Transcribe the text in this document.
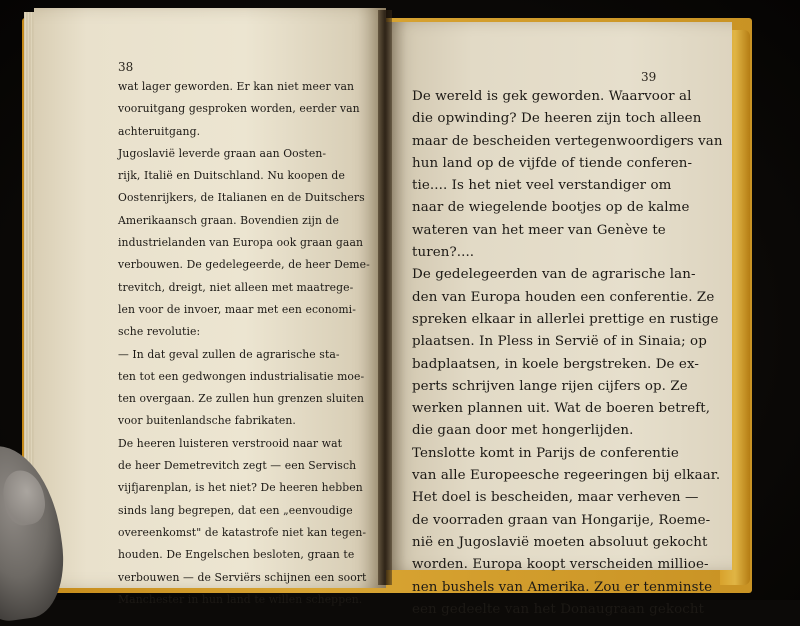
38
39
wat lager geworden. Er kan niet meer van
vooruitgang gesproken worden, eerder van
achteruitgang.
Jugoslavië leverde graan aan Oosten-
rijk, Italië en Duitschland. Nu koopen de
Oostenrijkers, de Italianen en de Duitschers
Amerikaansch graan. Bovendien zijn de
industrielanden van Europa ook graan gaan
verbouwen. De gedelegeerde, de heer Deme-
trevitch, dreigt, niet alleen met maatrege-
len voor de invoer, maar met een economi-
sche revolutie:
— In dat geval zullen de agrarische sta-
ten tot een gedwongen industrialisatie moe-
ten overgaan. Ze zullen hun grenzen sluiten
voor buitenlandsche fabrikaten.
De heeren luisteren verstrooid naar wat
de heer Demetrevitch zegt — een Servisch
vijfjarenplan, is het niet? De heeren hebben
sinds lang begrepen, dat een „eenvoudige
overeenkomst" de katastrofe niet kan tegen-
houden. De Engelschen besloten, graan te
verbouwen — de Serviërs schijnen een soort
Manchester in hun land te willen scheppen.
De wereld is gek geworden. Waarvoor al
die opwinding? De heeren zijn toch alleen
maar de bescheiden vertegenwoordigers van
hun land op de vijfde of tiende conferen-
tie.... Is het niet veel verstandiger om
naar de wiegelende bootjes op de kalme
wateren van het meer van Genève te
turen?....
De gedelegeerden van de agrarische lan-
den van Europa houden een conferentie. Ze
spreken elkaar in allerlei prettige en rustige
plaatsen. In Pless in Servië of in Sinaia; op
badplaatsen, in koele bergstreken. De ex-
perts schrijven lange rijen cijfers op. Ze
werken plannen uit. Wat de boeren betreft,
die gaan door met hongerlijden.
Tenslotte komt in Parijs de conferentie
van alle Europeesche regeeringen bij elkaar.
Het doel is bescheiden, maar verheven —
de voorraden graan van Hongarije, Roeme-
nië en Jugoslavië moeten absoluut gekocht
worden. Europa koopt verscheiden millioe-
nen bushels van Amerika. Zou er tenminste
een gedeelte van het Donaugraan gekocht
